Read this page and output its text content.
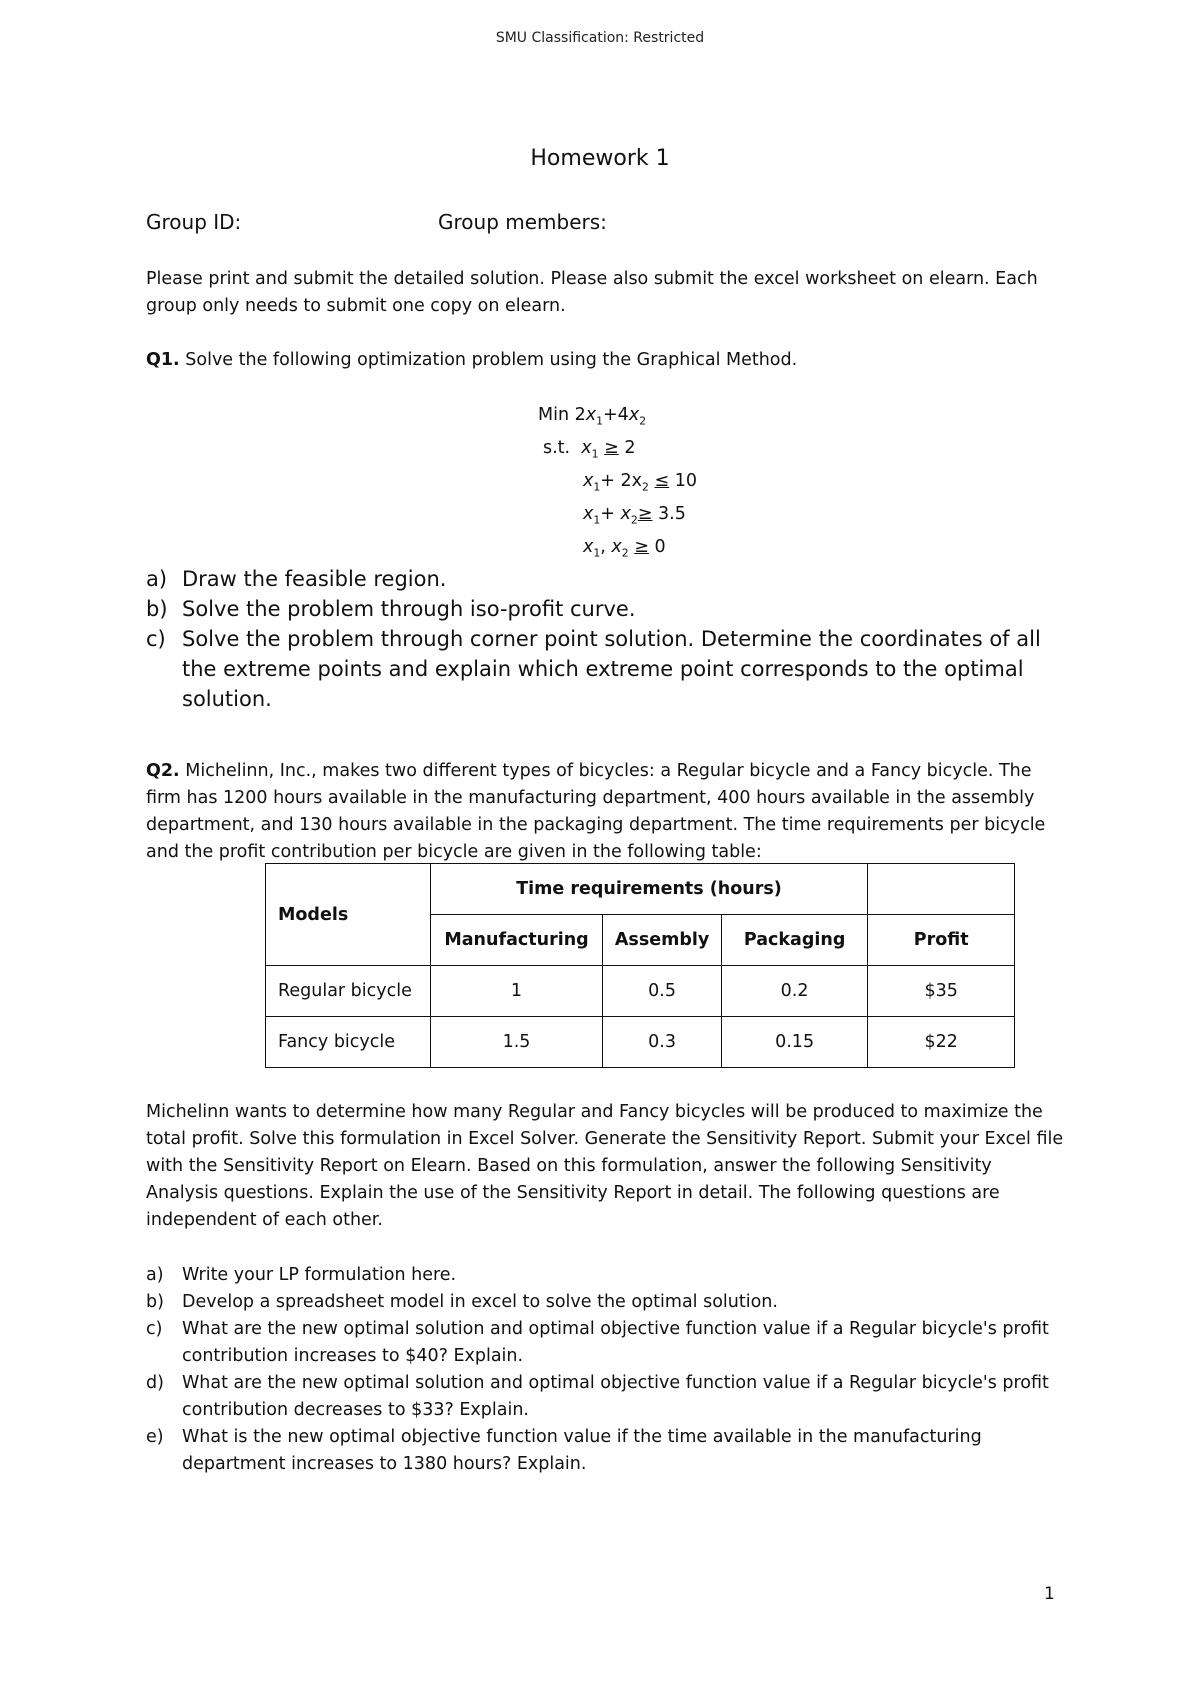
SMU Classification: Restricted
Homework 1
Group ID:	Group members:
Please print and submit the detailed solution. Please also submit the excel worksheet on elearn. Each group only needs to submit one copy on elearn.
Q1. Solve the following optimization problem using the Graphical Method.
Min $2x_1+4x_2$
s.t. $x_1 \ge 2$
$x_1+ 2x_2 \le 10$
$x_1+ x_2\ge 3.5$
$x_1$, $x_2 \ge 0$
a) Draw the feasible region.
b) Solve the problem through iso-profit curve.
c) Solve the problem through corner point solution. Determine the coordinates of all the extreme points and explain which extreme point corresponds to the optimal solution.
Q2. Michelinn, Inc., makes two different types of bicycles: a Regular bicycle and a Fancy bicycle. The firm has 1200 hours available in the manufacturing department, 400 hours available in the assembly department, and 130 hours available in the packaging department. The time requirements per bicycle and the profit contribution per bicycle are given in the following table:
Models	Time requirements (hours)			
	Manufacturing	Assembly	Packaging	Profit
Regular bicycle	1	0.5	0.2	$35
Fancy bicycle	1.5	0.3	0.15	$22
Michelinn wants to determine how many Regular and Fancy bicycles will be produced to maximize the total profit. Solve this formulation in Excel Solver. Generate the Sensitivity Report. Submit your Excel file with the Sensitivity Report on Elearn. Based on this formulation, answer the following Sensitivity Analysis questions. Explain the use of the Sensitivity Report in detail. The following questions are independent of each other.
a) Write your LP formulation here.
b) Develop a spreadsheet model in excel to solve the optimal solution.
c) What are the new optimal solution and optimal objective function value if a Regular bicycle's profit contribution increases to $40? Explain.
d) What are the new optimal solution and optimal objective function value if a Regular bicycle's profit contribution decreases to $33? Explain.
e) What is the new optimal objective function value if the time available in the manufacturing department increases to 1380 hours? Explain.
1
